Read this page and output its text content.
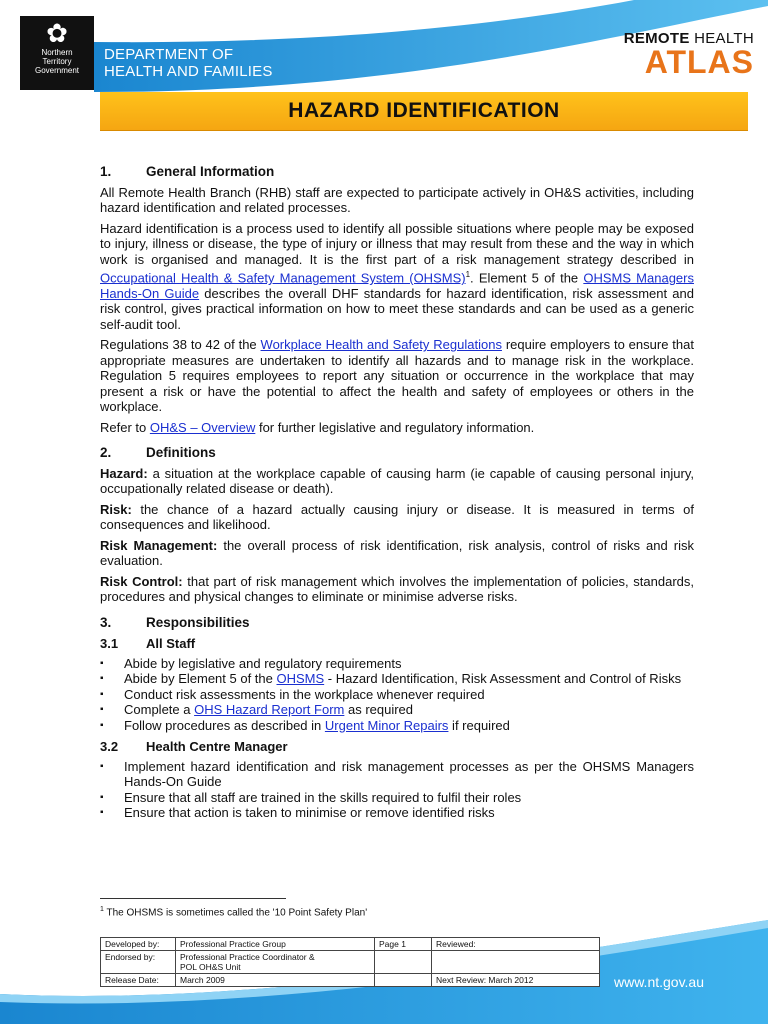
✿
Northern
Territory
Government
DEPARTMENT OF
HEALTH AND FAMILIES
REMOTE HEALTH
ATLAS
HAZARD IDENTIFICATION
1.	General Information

All Remote Health Branch (RHB) staff are expected to participate actively in OH&S activities, including hazard identification and related processes.

Hazard identification is a process used to identify all possible situations where people may be exposed to injury, illness or disease, the type of injury or illness that may result from these and the way in which work is organised and managed. It is the first part of a risk management strategy described in Occupational Health & Safety Management System (OHSMS)$^1$. Element 5 of the OHSMS Managers Hands-On Guide describes the overall DHF standards for hazard identification, risk assessment and risk control, gives practical information on how to meet these standards and can be used as a generic self-audit tool.

Regulations 38 to 42 of the Workplace Health and Safety Regulations require employers to ensure that appropriate measures are undertaken to identify all hazards and to manage risk in the workplace. Regulation 5 requires employees to report any situation or occurrence in the workplace that may present a risk or have the potential to affect the health and safety of employees or others in the workplace.

Refer to OH&S – Overview for further legislative and regulatory information.

2.	Definitions

Hazard: a situation at the workplace capable of causing harm (ie capable of causing personal injury, occupationally related disease or death).

Risk: the chance of a hazard actually causing injury or disease. It is measured in terms of consequences and likelihood.

Risk Management: the overall process of risk identification, risk analysis, control of risks and risk evaluation.

Risk Control: that part of risk management which involves the implementation of policies, standards, procedures and physical changes to eliminate or minimise adverse risks.

3.	Responsibilities
3.1 All Staff
▪ Abide by legislative and regulatory requirements
▪ Abide by Element 5 of the OHSMS - Hazard Identification, Risk Assessment and Control of Risks
▪ Conduct risk assessments in the workplace whenever required
▪ Complete a OHS Hazard Report Form as required
▪ Follow procedures as described in Urgent Minor Repairs if required
3.2 Health Centre Manager
▪ Implement hazard identification and risk management processes as per the OHSMS Managers Hands-On Guide
▪ Ensure that all staff are trained in the skills required to fulfil their roles
▪ Ensure that action is taken to minimise or remove identified risks
$^1$ The OHSMS is sometimes called the '10 Point Safety Plan'
Developed by:	Professional Practice Group	Page 1	Reviewed:
Endorsed by:	Professional Practice Coordinator &
POL OH&S Unit		

Release Date:	March 2009		Next Review: March 2012	www.nt.gov.au
